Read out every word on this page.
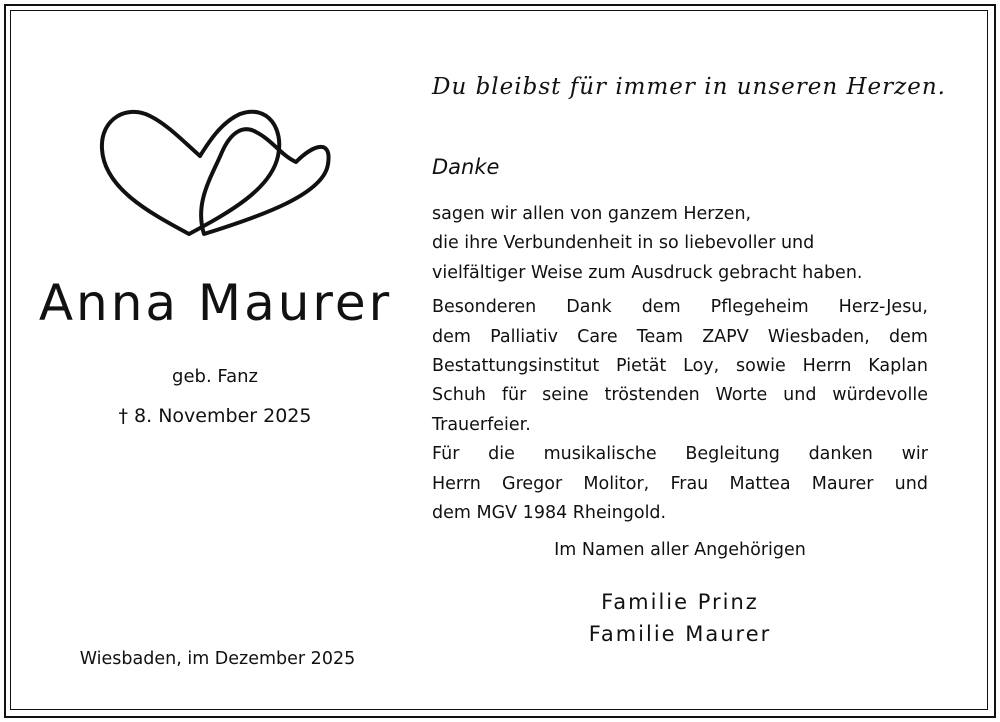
Anna Maurer
geb. Fanz
† 8. November 2025
Wiesbaden, im Dezember 2025
Du bleibst für immer in unseren Herzen.
Danke
sagen wir allen von ganzem Herzen,
die ihre Verbundenheit in so liebevoller und
vielfältiger Weise zum Ausdruck gebracht haben.
Besonderen Dank dem Pflegeheim Herz-Jesu,
dem Palliativ Care Team ZAPV Wiesbaden, dem
Bestattungsinstitut Pietät Loy, sowie Herrn Kaplan
Schuh für seine tröstenden Worte und würdevolle
Trauerfeier.
Für die musikalische Begleitung danken wir
Herrn Gregor Molitor, Frau Mattea Maurer und
dem MGV 1984 Rheingold.
Im Namen aller Angehörigen
Familie Prinz
Familie Maurer
